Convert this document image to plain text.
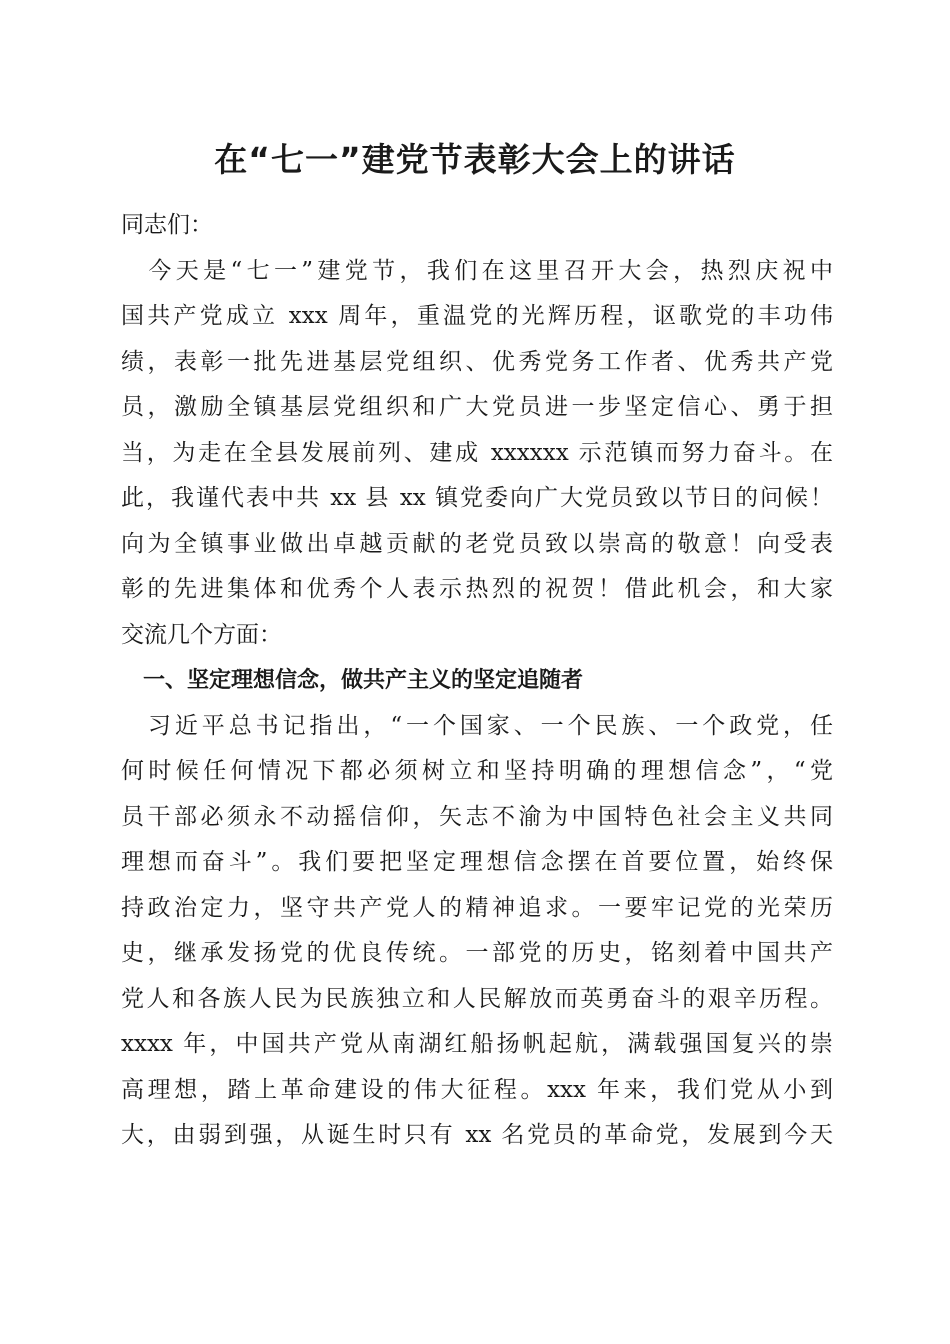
在“七一”建党节表彰大会上的讲话
同志们：
　今天是“七一”建党节，我们在这里召开大会，热烈庆祝中
国共产党成立 xxx 周年，重温党的光辉历程，讴歌党的丰功伟
绩，表彰一批先进基层党组织、优秀党务工作者、优秀共产党
员，激励全镇基层党组织和广大党员进一步坚定信心、勇于担
当，为走在全县发展前列、建成 xxxxxx 示范镇而努力奋斗。在
此，我谨代表中共 xx 县 xx 镇党委向广大党员致以节日的问候！
向为全镇事业做出卓越贡献的老党员致以崇高的敬意！向受表
彰的先进集体和优秀个人表示热烈的祝贺！借此机会，和大家
交流几个方面：
　一、坚定理想信念，做共产主义的坚定追随者
　习近平总书记指出，“一个国家、一个民族、一个政党，任
何时候任何情况下都必须树立和坚持明确的理想信念”，“党
员干部必须永不动摇信仰，矢志不渝为中国特色社会主义共同
理想而奋斗”。我们要把坚定理想信念摆在首要位置，始终保
持政治定力，坚守共产党人的精神追求。一要牢记党的光荣历
史，继承发扬党的优良传统。一部党的历史，铭刻着中国共产
党人和各族人民为民族独立和人民解放而英勇奋斗的艰辛历程。
xxxx 年，中国共产党从南湖红船扬帆起航，满载强国复兴的崇
高理想，踏上革命建设的伟大征程。xxx 年来，我们党从小到
大，由弱到强，从诞生时只有 xx 名党员的革命党，发展到今天
